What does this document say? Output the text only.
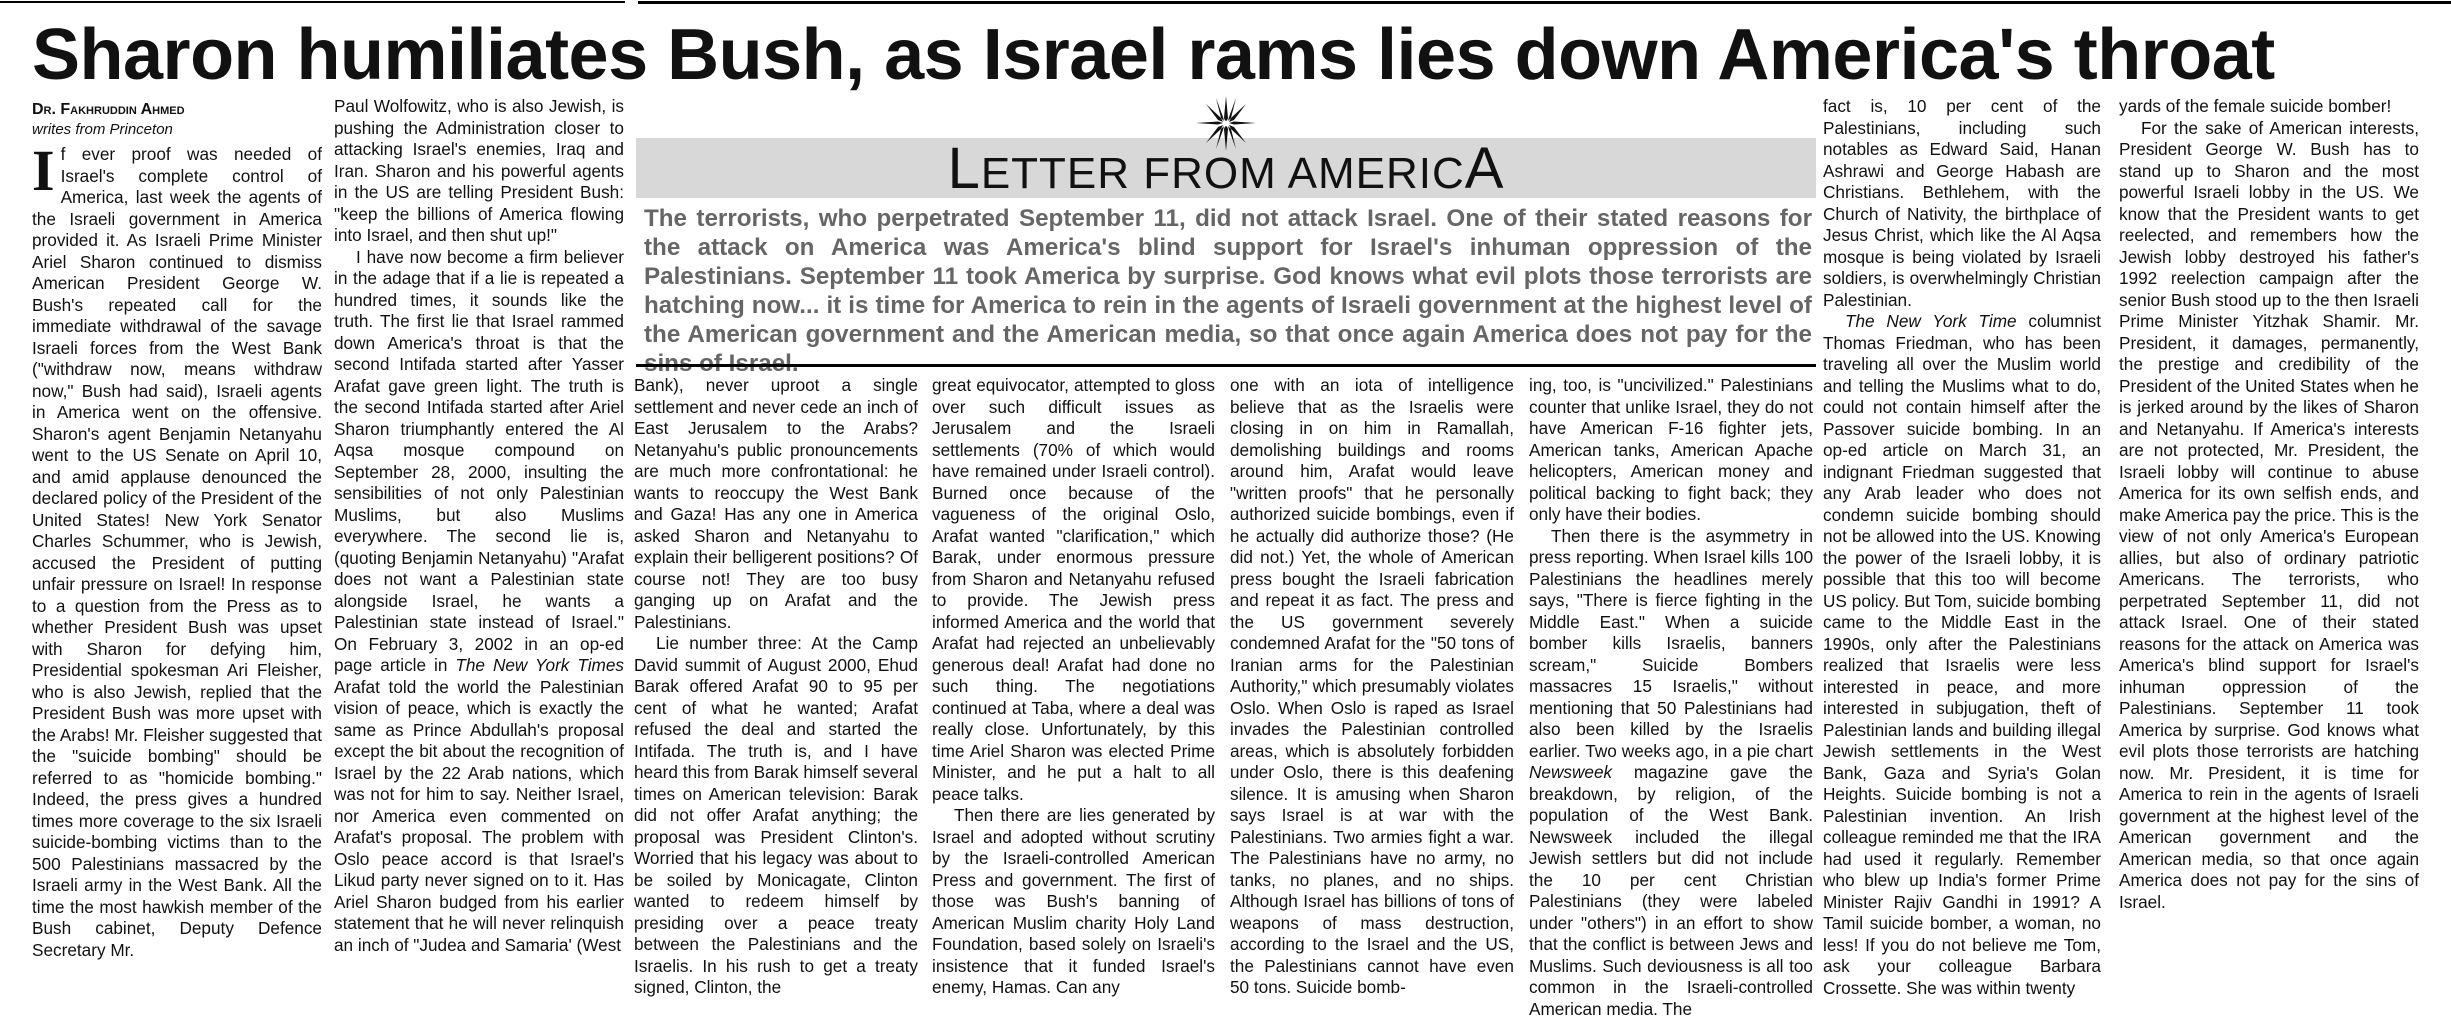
Sharon humiliates Bush, as Israel rams lies down America's throat
Dr. Fakhruddin Ahmed
writes from Princeton

If ever proof was needed of Israel's complete control of America, last week the agents of the Israeli government in America provided it. As Israeli Prime Minister Ariel Sharon continued to dismiss American President George W. Bush's repeated call for the immediate withdrawal of the savage Israeli forces from the West Bank ("withdraw now, means withdraw now," Bush had said), Israeli agents in America went on the offensive. Sharon's agent Benjamin Netanyahu went to the US Senate on April 10, and amid applause denounced the declared policy of the President of the United States! New York Senator Charles Schummer, who is Jewish, accused the President of putting unfair pressure on Israel! In response to a question from the Press as to whether President Bush was upset with Sharon for defying him, Presidential spokesman Ari Fleisher, who is also Jewish, replied that the President Bush was more upset with the Arabs! Mr. Fleisher suggested that the "suicide bombing" should be referred to as "homicide bombing." Indeed, the press gives a hundred times more coverage to the six Israeli suicide-bombing victims than to the 500 Palestinians massacred by the Israeli army in the West Bank. All the time the most hawkish member of the Bush cabinet, Deputy Defence Secretary Mr.

Paul Wolfowitz, who is also Jewish, is pushing the Administration closer to attacking Israel's enemies, Iraq and Iran. Sharon and his powerful agents in the US are telling President Bush: "keep the billions of America flowing into Israel, and then shut up!"

I have now become a firm believer in the adage that if a lie is repeated a hundred times, it sounds like the truth. The first lie that Israel rammed down America's throat is that the second Intifada started after Yasser Arafat gave green light. The truth is the second Intifada started after Ariel Sharon triumphantly entered the Al Aqsa mosque compound on September 28, 2000, insulting the sensibilities of not only Palestinian Muslims, but also Muslims everywhere. The second lie is, (quoting Benjamin Netanyahu) "Arafat does not want a Palestinian state alongside Israel, he wants a Palestinian state instead of Israel." On February 3, 2002 in an op-ed page article in The New York Times Arafat told the world the Palestinian vision of peace, which is exactly the same as Prince Abdullah's proposal except the bit about the recognition of Israel by the 22 Arab nations, which was not for him to say. Neither Israel, nor America even commented on Arafat's proposal. The problem with Oslo peace accord is that Israel's Likud party never signed on to it. Has Ariel Sharon budged from his earlier statement that he will never relinquish an inch of "Judea and Samaria' (West

LETTER FROM AMERICA
The terrorists, who perpetrated September 11, did not attack Israel. One of their stated reasons for the attack on America was America's blind support for Israel's inhuman oppression of the Palestinians. September 11 took America by surprise. God knows what evil plots those terrorists are hatching now... it is time for America to rein in the agents of Israeli government at the highest level of the American government and the American media, so that once again America does not pay for the

Bank), never uproot a single settlement and never cede an inch of East Jerusalem to the Arabs? Netanyahu's public pronouncements are much more confrontational: he wants to reoccupy the West Bank and Gaza! Has any one in America asked Sharon and Netanyahu to explain their belligerent positions? Of course not! They are too busy ganging up on Arafat and the Palestinians.

Lie number three: At the Camp David summit of August 2000, Ehud Barak offered Arafat 90 to 95 per cent of what he wanted; Arafat refused the deal and started the Intifada. The truth is, and I have heard this from Barak himself several times on American television: Barak did not offer Arafat anything; the proposal was President Clinton's. Worried that his legacy was about to be soiled by Monicagate, Clinton wanted to redeem himself by presiding over a peace treaty between the Palestinians and the Israelis. In his rush to get a treaty signed, Clinton, the

great equivocator, attempted to gloss over such difficult issues as Jerusalem and the Israeli settlements (70% of which would have remained under Israeli control). Burned once because of the vagueness of the original Oslo, Arafat wanted "clarification," which Barak, under enormous pressure from Sharon and Netanyahu refused to provide. The Jewish press informed America and the world that Arafat had rejected an unbelievably generous deal! Arafat had done no such thing. The negotiations continued at Taba, where a deal was really close. Unfortunately, by this time Ariel Sharon was elected Prime Minister, and he put a halt to all peace talks.

Then there are lies generated by Israel and adopted without scrutiny by the Israeli-controlled American Press and government. The first of those was Bush's banning of American Muslim charity Holy Land Foundation, based solely on Israeli's insistence that it funded Israel's enemy, Hamas. Can any

one with an iota of intelligence believe that as the Israelis were closing in on him in Ramallah, demolishing buildings and rooms around him, Arafat would leave "written proofs" that he personally authorized suicide bombings, even if he actually did authorize those? (He did not.) Yet, the whole of American press bought the Israeli fabrication and repeat it as fact. The press and the US government severely condemned Arafat for the "50 tons of Iranian arms for the Palestinian Authority," which presumably violates Oslo. When Oslo is raped as Israel invades the Palestinian controlled areas, which is absolutely forbidden under Oslo, there is this deafening silence. It is amusing when Sharon says Israel is at war with the Palestinians. Two armies fight a war. The Palestinians have no army, no tanks, no planes, and no ships. Although Israel has billions of tons of weapons of mass destruction, according to the Israel and the US, the Palestinians cannot have even 50 tons. Suicide bomb-

ing, too, is "uncivilized." Palestinians counter that unlike Israel, they do not have American F-16 fighter jets, American tanks, American Apache helicopters, American money and political backing to fight back; they only have their bodies.

Then there is the asymmetry in press reporting. When Israel kills 100 Palestinians the headlines merely says, "There is fierce fighting in the Middle East." When a suicide bomber kills Israelis, banners scream," Suicide Bombers massacres 15 Israelis," without mentioning that 50 Palestinians had also been killed by the Israelis earlier. Two weeks ago, in a pie chart Newsweek magazine gave the breakdown, by religion, of the population of the West Bank. Newsweek included the illegal Jewish settlers but did not include the 10 per cent Christian Palestinians (they were labeled under "others") in an effort to show that the conflict is between Jews and Muslims. Such deviousness is all too common in the Israeli-controlled American media. The

fact is, 10 per cent of the Palestinians, including such notables as Edward Said, Hanan Ashrawi and George Habash are Christians. Bethlehem, with the Church of Nativity, the birthplace of Jesus Christ, which like the Al Aqsa mosque is being violated by Israeli soldiers, is overwhelmingly Christian Palestinian.

The New York Time columnist Thomas Friedman, who has been traveling all over the Muslim world and telling the Muslims what to do, could not contain himself after the Passover suicide bombing. In an op-ed article on March 31, an indignant Friedman suggested that any Arab leader who does not condemn suicide bombing should not be allowed into the US. Knowing the power of the Israeli lobby, it is possible that this too will become US policy. But Tom, suicide bombing came to the Middle East in the 1990s, only after the Palestinians realized that Israelis were less interested in peace, and more interested in subjugation, theft of Palestinian lands and building illegal Jewish settlements in the West Bank, Gaza and Syria's Golan Heights. Suicide bombing is not a Palestinian invention. An Irish colleague reminded me that the IRA had used it regularly. Remember who blew up India's former Prime Minister Rajiv Gandhi in 1991? A Tamil suicide bomber, a woman, no less! If you do not believe me Tom, ask your colleague Barbara Crossette. She was within twenty

yards of the female suicide bomber!

For the sake of American interests, President George W. Bush has to stand up to Sharon and the most powerful Israeli lobby in the US. We know that the President wants to get reelected, and remembers how the Jewish lobby destroyed his father's 1992 reelection campaign after the senior Bush stood up to the then Israeli Prime Minister Yitzhak Shamir. Mr. President, it damages, permanently, the prestige and credibility of the President of the United States when he is jerked around by the likes of Sharon and Netanyahu. If America's interests are not protected, Mr. President, the Israeli lobby will continue to abuse America for its own selfish ends, and make America pay the price. This is the view of not only America's European allies, but also of ordinary patriotic Americans. The terrorists, who perpetrated September 11, did not attack Israel. One of their stated reasons for the attack on America was America's blind support for Israel's inhuman oppression of the Palestinians. September 11 took America by surprise. God knows what evil plots those terrorists are hatching now. Mr. President, it is time for America to rein in the agents of Israeli government at the highest level of the American government and the American media, so that once again America does not pay for the sins of Israel.
